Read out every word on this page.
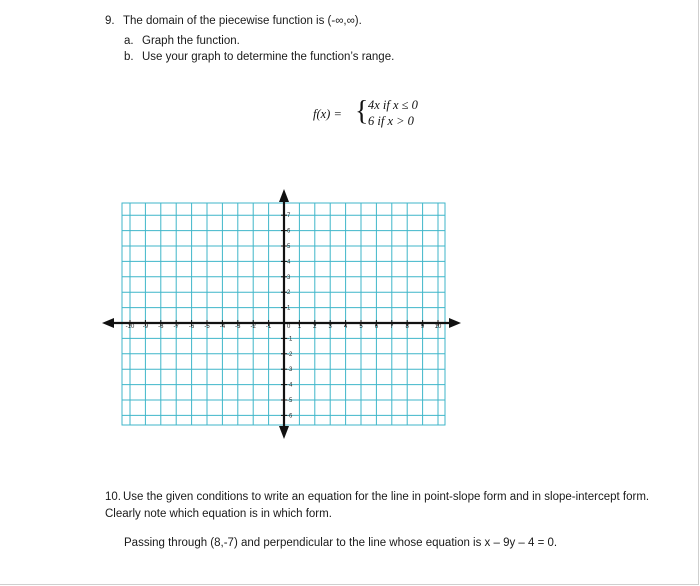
9. The domain of the piecewise function is (-∞,∞).
a. Graph the function.
b. Use your graph to determine the function’s range.
f(x) = { 4x if x ≤ 0
6 if x > 0
-10 -9 -8 -7 -6 -5 -4 -3 -2 -1	0 1 2 3 4 5 6 7 8 9 10
1
2
3
4
5
6
7
-1
-2
-3
-4
-5
-6
10. Use the given conditions to write an equation for the line in point-slope form and in slope-intercept form. Clearly note which equation is in which form.
Passing through (8,-7) and perpendicular to the line whose equation is x – 9y – 4 = 0.
